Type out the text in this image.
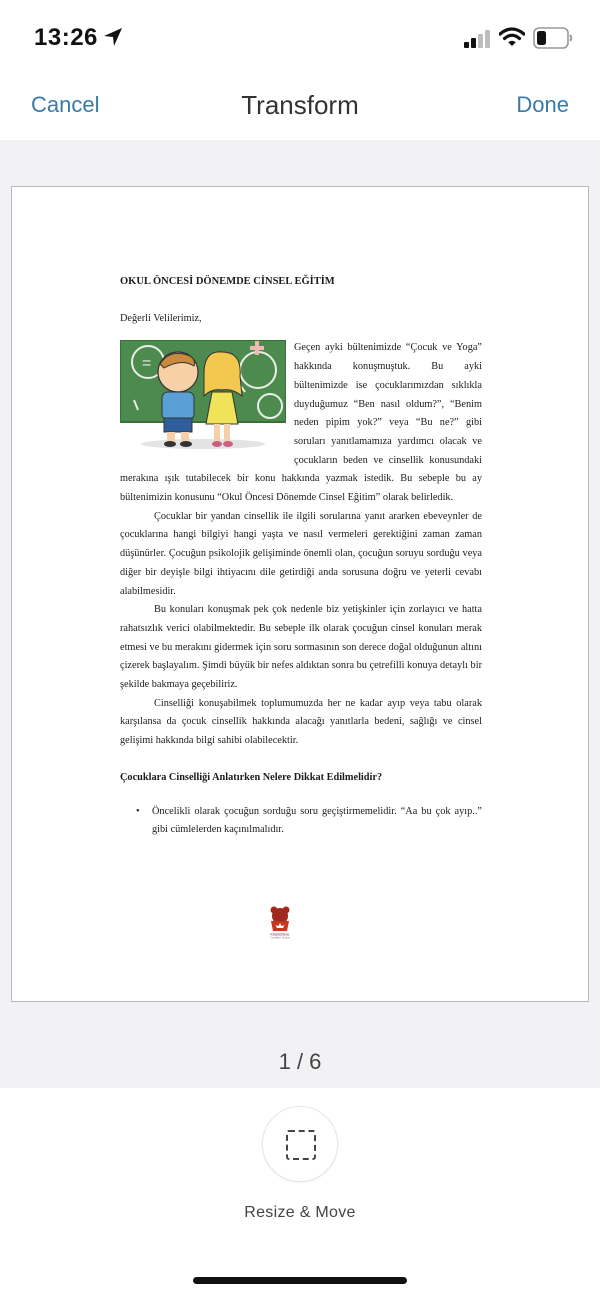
13:26
Cancel	Transform	Done
OKUL ÖNCESİ DÖNEMDE CİNSEL EĞİTİM
Değerli Velilerimiz,
=

Geçen ayki bültenimizde “Çocuk ve Yoga” hakkında konuşmuştuk. Bu ayki bültenimizde ise çocuklarımızdan sıklıkla duyduğumuz “Ben nasıl oldum?”, “Benim neden pipim yok?” veya “Bu ne?” gibi soruları yanıtlamamıza yardımcı olacak ve çocukların beden ve cinsellik konusundaki merakına ışık tutabilecek bir konu hakkında yazmak istedik. Bu sebeple bu ay bültenimizin konusunu “Okul Öncesi Dönemde Cinsel Eğitim” olarak belirledik.

Çocuklar bir yandan cinsellik ile ilgili sorularına yanıt ararken ebeveynler de çocuklarına hangi bilgiyi hangi yaşta ve nasıl vermeleri gerektiğini zaman zaman düşünürler. Çocuğun psikolojik gelişiminde önemli olan, çocuğun soruyu sorduğu veya diğer bir deyişle bilgi ihtiyacını dile getirdiği anda sorusuna doğru ve yeterli cevabı alabilmesidir.

Bu konuları konuşmak pek çok nedenle biz yetişkinler için zorlayıcı ve hatta rahatsızlık verici olabilmektedir. Bu sebeple ilk olarak çocuğun cinsel konuları merak etmesi ve bu merakını gidermek için soru sormasının son derece doğal olduğunun altını çizerek başlayalım. Şimdi büyük bir nefes aldıktan sonra bu çetrefilli konuya detaylı bir şekilde bakmaya geçebiliriz.

Cinselliği konuşabilmek toplumumuzda her ne kadar ayıp veya tabu olarak karşılansa da çocuk cinsellik hakkında alacağı yanıtlarla bedeni, sağlığı ve cinsel gelişimi hakkında bilgi sahibi olabilecektir.

Çocuklara Cinselliği Anlatırken Nelere Dikkat Edilmelidir?
•	Öncelikli olarak çocuğun sorduğu soru geçiştirmemelidir. “Aa bu çok ayıp..” gibi cümlelerden kaçınılmalıdır.
MapleBear
Canadian School
1 / 6
Resize & Move
